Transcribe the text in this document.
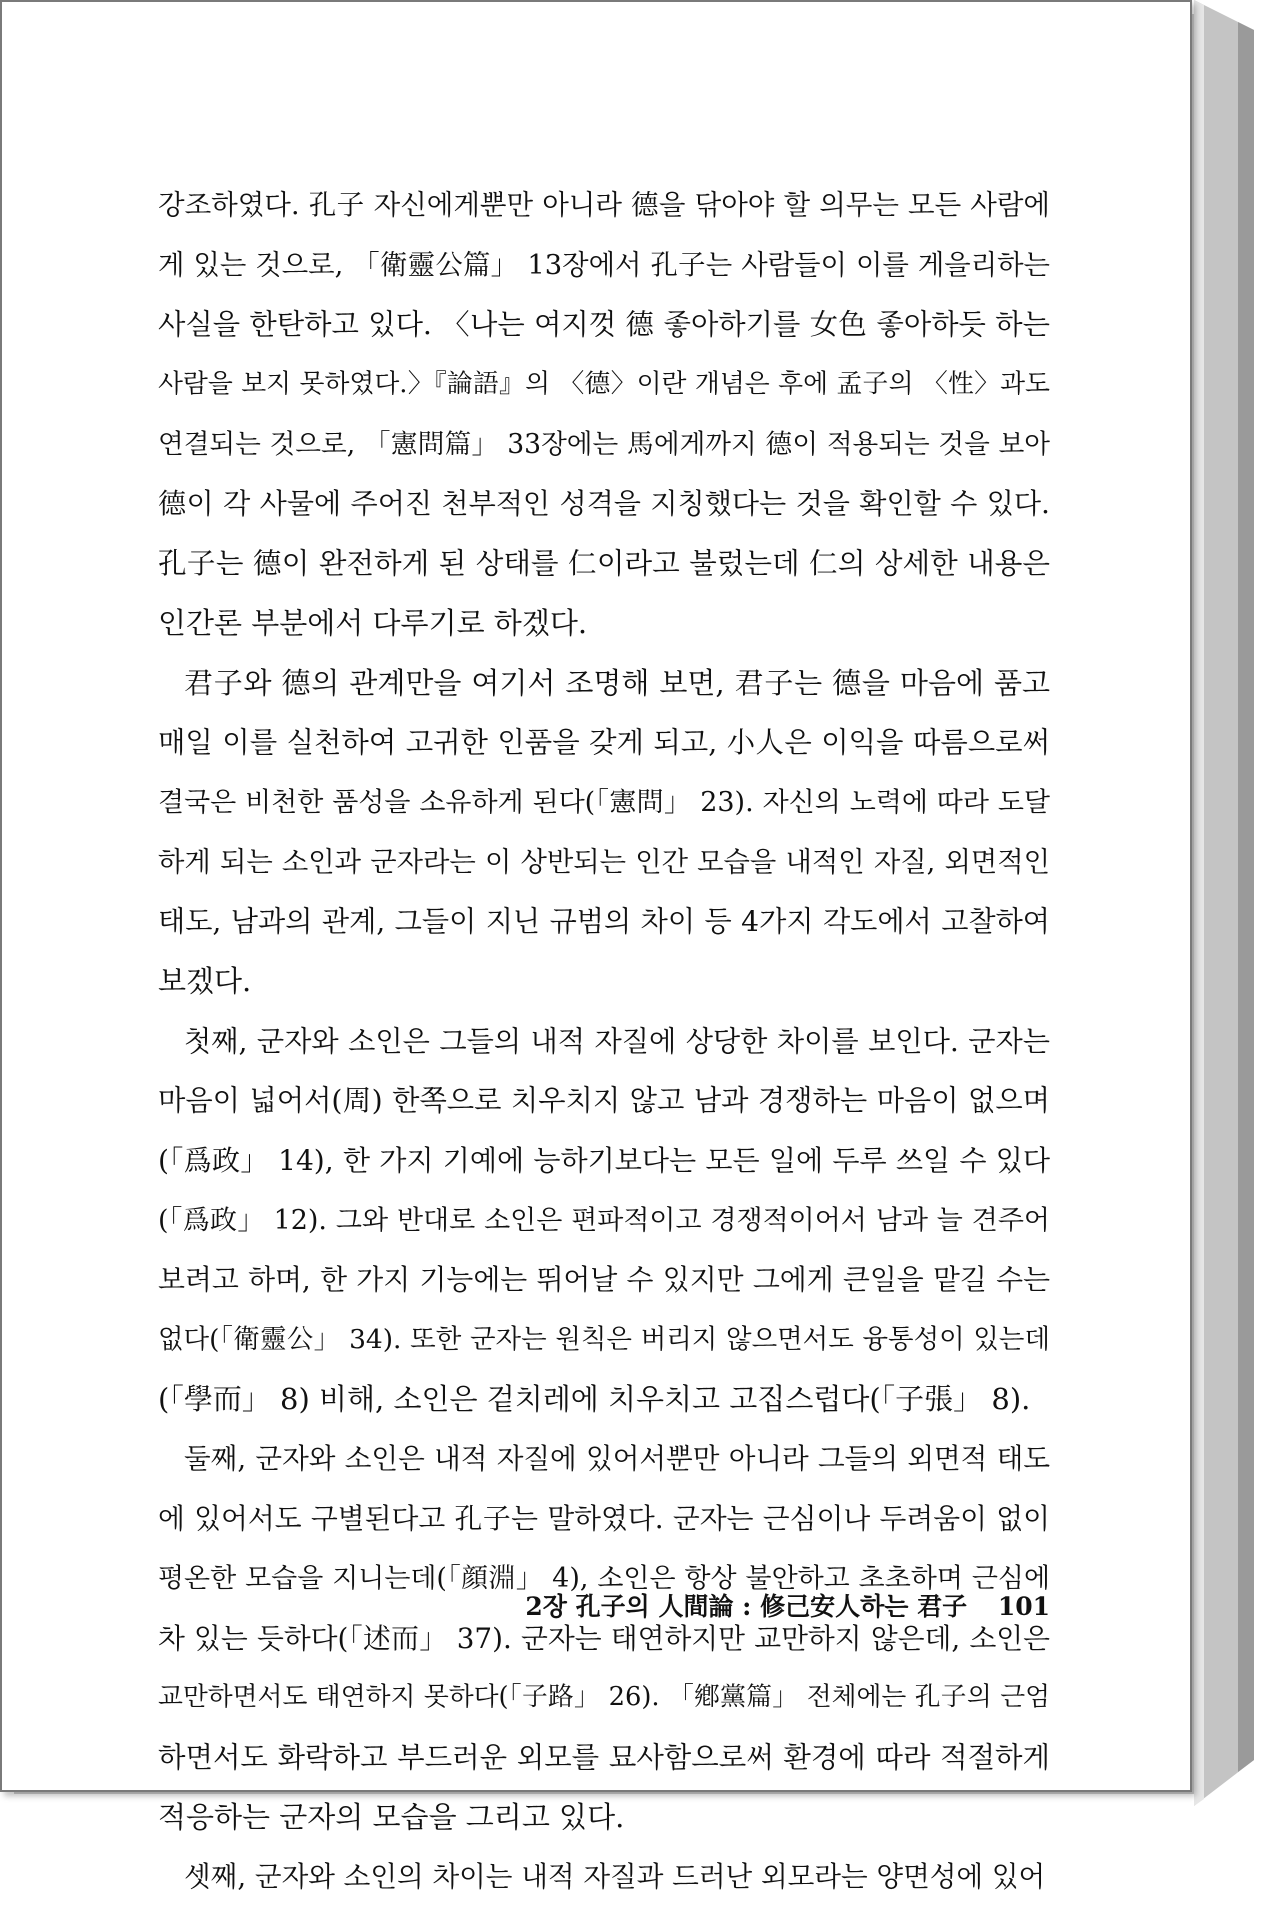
강조하였다. 孔子 자신에게뿐만 아니라 德을 닦아야 할 의무는 모든 사람에
게 있는 것으로, 「衛靈公篇」 13장에서 孔子는 사람들이 이를 게을리하는
사실을 한탄하고 있다. 〈나는 여지껏 德 좋아하기를 女色 좋아하듯 하는
사람을 보지 못하였다.〉『論語』의 〈德〉이란 개념은 후에 孟子의 〈性〉과도
연결되는 것으로, 「憲問篇」 33장에는 馬에게까지 德이 적용되는 것을 보아
德이 각 사물에 주어진 천부적인 성격을 지칭했다는 것을 확인할 수 있다.
孔子는 德이 완전하게 된 상태를 仁이라고 불렀는데 仁의 상세한 내용은
인간론 부분에서 다루기로 하겠다.
君子와 德의 관계만을 여기서 조명해 보면, 君子는 德을 마음에 품고
매일 이를 실천하여 고귀한 인품을 갖게 되고, 小人은 이익을 따름으로써
결국은 비천한 품성을 소유하게 된다(「憲問」 23). 자신의 노력에 따라 도달
하게 되는 소인과 군자라는 이 상반되는 인간 모습을 내적인 자질, 외면적인
태도, 남과의 관계, 그들이 지닌 규범의 차이 등 4가지 각도에서 고찰하여
보겠다.
첫째, 군자와 소인은 그들의 내적 자질에 상당한 차이를 보인다. 군자는
마음이 넓어서(周) 한쪽으로 치우치지 않고 남과 경쟁하는 마음이 없으며
(「爲政」 14), 한 가지 기예에 능하기보다는 모든 일에 두루 쓰일 수 있다
(「爲政」 12). 그와 반대로 소인은 편파적이고 경쟁적이어서 남과 늘 견주어
보려고 하며, 한 가지 기능에는 뛰어날 수 있지만 그에게 큰일을 맡길 수는
없다(「衛靈公」 34). 또한 군자는 원칙은 버리지 않으면서도 융통성이 있는데
(「學而」 8) 비해, 소인은 겉치레에 치우치고 고집스럽다(「子張」 8).
둘째, 군자와 소인은 내적 자질에 있어서뿐만 아니라 그들의 외면적 태도
에 있어서도 구별된다고 孔子는 말하였다. 군자는 근심이나 두려움이 없이
평온한 모습을 지니는데(「顔淵」 4), 소인은 항상 불안하고 초초하며 근심에
차 있는 듯하다(「述而」 37). 군자는 태연하지만 교만하지 않은데, 소인은
교만하면서도 태연하지 못하다(「子路」 26). 「鄕黨篇」 전체에는 孔子의 근엄
하면서도 화락하고 부드러운 외모를 묘사함으로써 환경에 따라 적절하게
적응하는 군자의 모습을 그리고 있다.
셋째, 군자와 소인의 차이는 내적 자질과 드러난 외모라는 양면성에 있어
2장 孔子의 人間論 : 修己安人하는 君子 101
